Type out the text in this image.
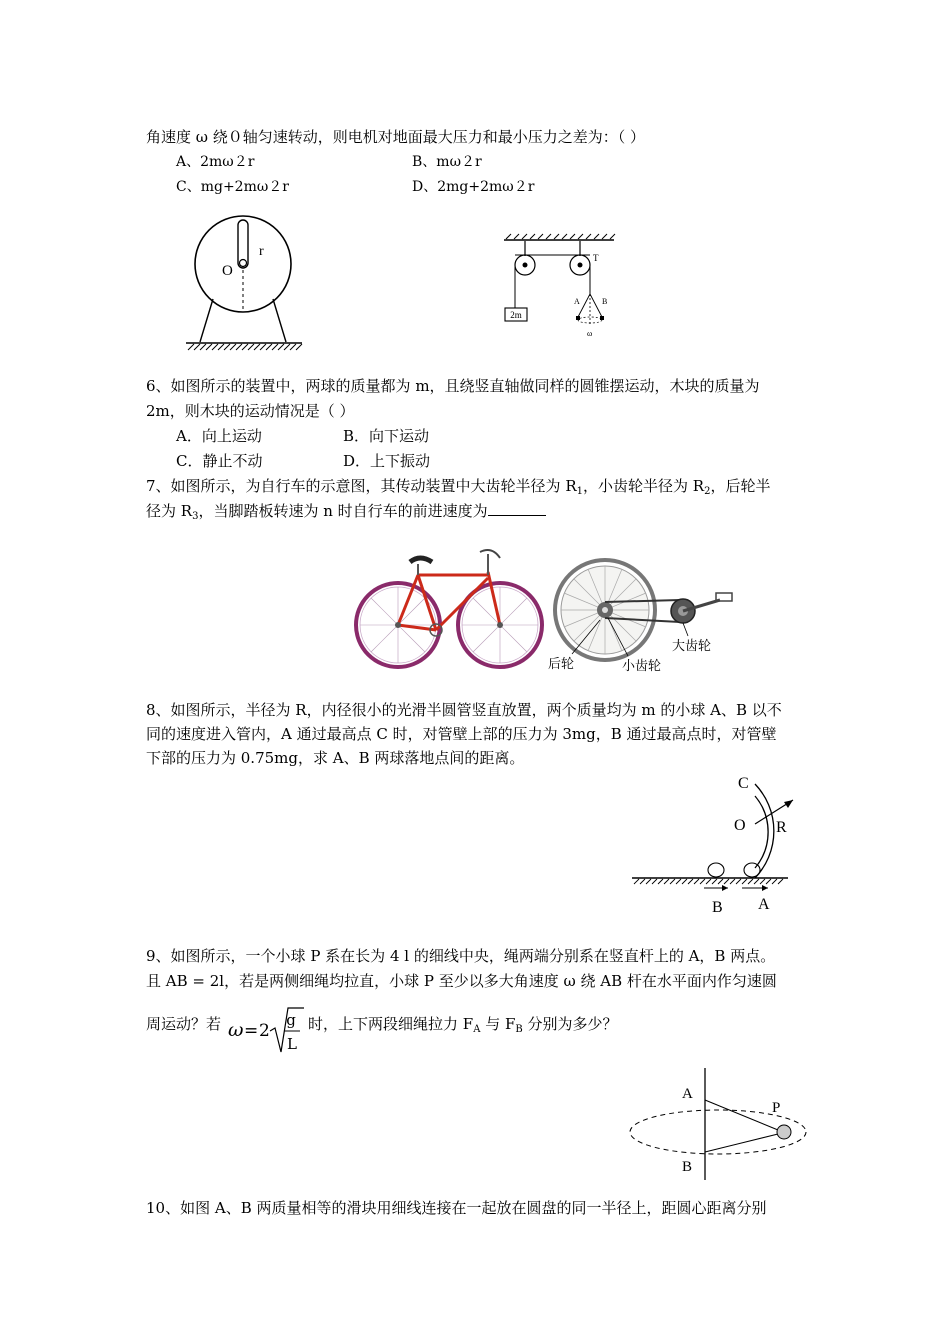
角速度 ω 绕０轴匀速转动，则电机对地面最大压力和最小压力之差为：（ ）
A、2mω２r	B、mω２r
C、mg+2mω２r	D、2mg+2mω２r
r
O
2m
T
A	B
ω
6、如图所示的装置中，两球的质量都为 m，且绕竖直轴做同样的圆锥摆运动，木块的质量为
2m，则木块的运动情况是（ ）
A．向上运动	B．向下运动
C．静止不动	D．上下振动
7、如图所示，为自行车的示意图，其传动装置中大齿轮半径为 $R_1$，小齿轮半径为 $R_2$，后轮半
径为 $R_3$，当脚踏板转速为 n 时自行车的前进速度为
后轮	小齿轮
大齿轮
8、如图所示，半径为 R，内径很小的光滑半圆管竖直放置，两个质量均为 m 的小球 A、B 以不
同的速度进入管内，A 通过最高点 C 时，对管壁上部的压力为 3mg，B 通过最高点时，对管壁
下部的压力为 0.75mg，求 A、B 两球落地点间的距离。
C
O R
B A
9、如图所示，一个小球 P 系在长为 4 l 的细线中央，绳两端分别系在竖直杆上的 A，B 两点。
且 AB = 2l，若是两侧细绳均拉直，小球 P 至少以多大角速度 ω 绕 AB 杆在水平面内作匀速圆
周运动？若 ω = 2
g
L
时，上下两段细绳拉力 $F_A$ 与 $F_B$ 分别为多少？
A
P
B
10、如图 A、B 两质量相等的滑块用细线连接在一起放在圆盘的同一半径上，距圆心距离分别
